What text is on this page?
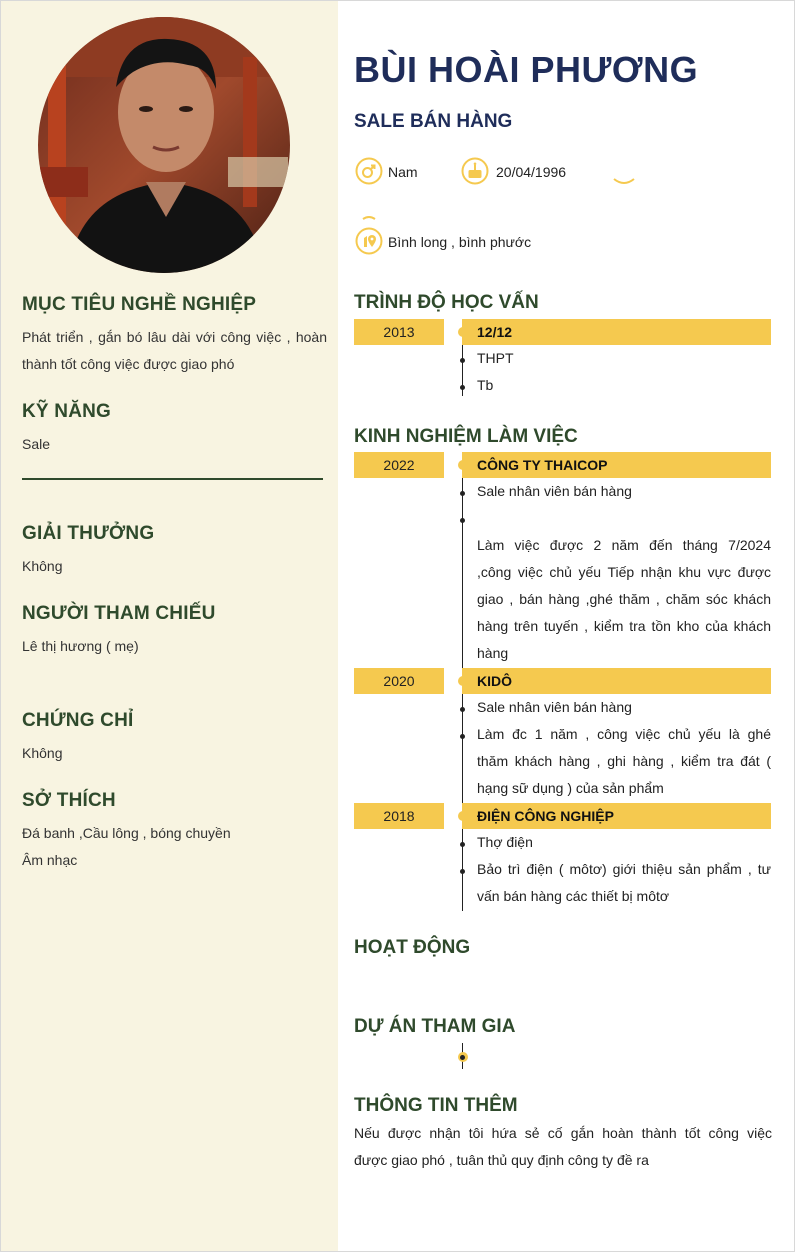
MỤC TIÊU NGHỀ NGHIỆP
Phát triển , gắn bó lâu dài với công việc , hoàn
thành tốt công việc được giao phó
KỸ NĂNG
Sale
GIẢI THƯỞNG
Không
NGƯỜI THAM CHIẾU
Lê thị hương ( mẹ)
CHỨNG CHỈ
Không
SỞ THÍCH
Đá banh ,Cầu lông , bóng chuyền
Âm nhạc
BÙI HOÀI PHƯƠNG
SALE BÁN HÀNG
Nam	20/04/1996
Bình long , bình phước
TRÌNH ĐỘ HỌC VẤN
2013	12/12
THPT
Tb
KINH NGHIỆM LÀM VIỆC
2022	CÔNG TY THAICOP
Sale nhân viên bán hàng
Làm việc được 2 năm đến tháng 7/2024
,công việc chủ yếu Tiếp nhận khu vực được
giao , bán hàng ,ghé thăm , chăm sóc khách
hàng trên tuyến , kiểm tra tồn kho của khách
hàng
2020	KIDÔ
Sale nhân viên bán hàng
Làm đc 1 năm , công việc chủ yếu là ghé
thăm khách hàng , ghi hàng , kiểm tra đát (
hạng sữ dụng ) của sản phẩm
2018	ĐIỆN CÔNG NGHIỆP
Thợ điện
Bảo trì điện ( môtơ) giới thiệu sản phẩm , tư
vấn bán hàng các thiết bị môtơ
HOẠT ĐỘNG
DỰ ÁN THAM GIA
THÔNG TIN THÊM
Nếu được nhận tôi hứa sẻ cố gắn hoàn thành tốt công việc
được giao phó , tuân thủ quy định công ty đề ra
